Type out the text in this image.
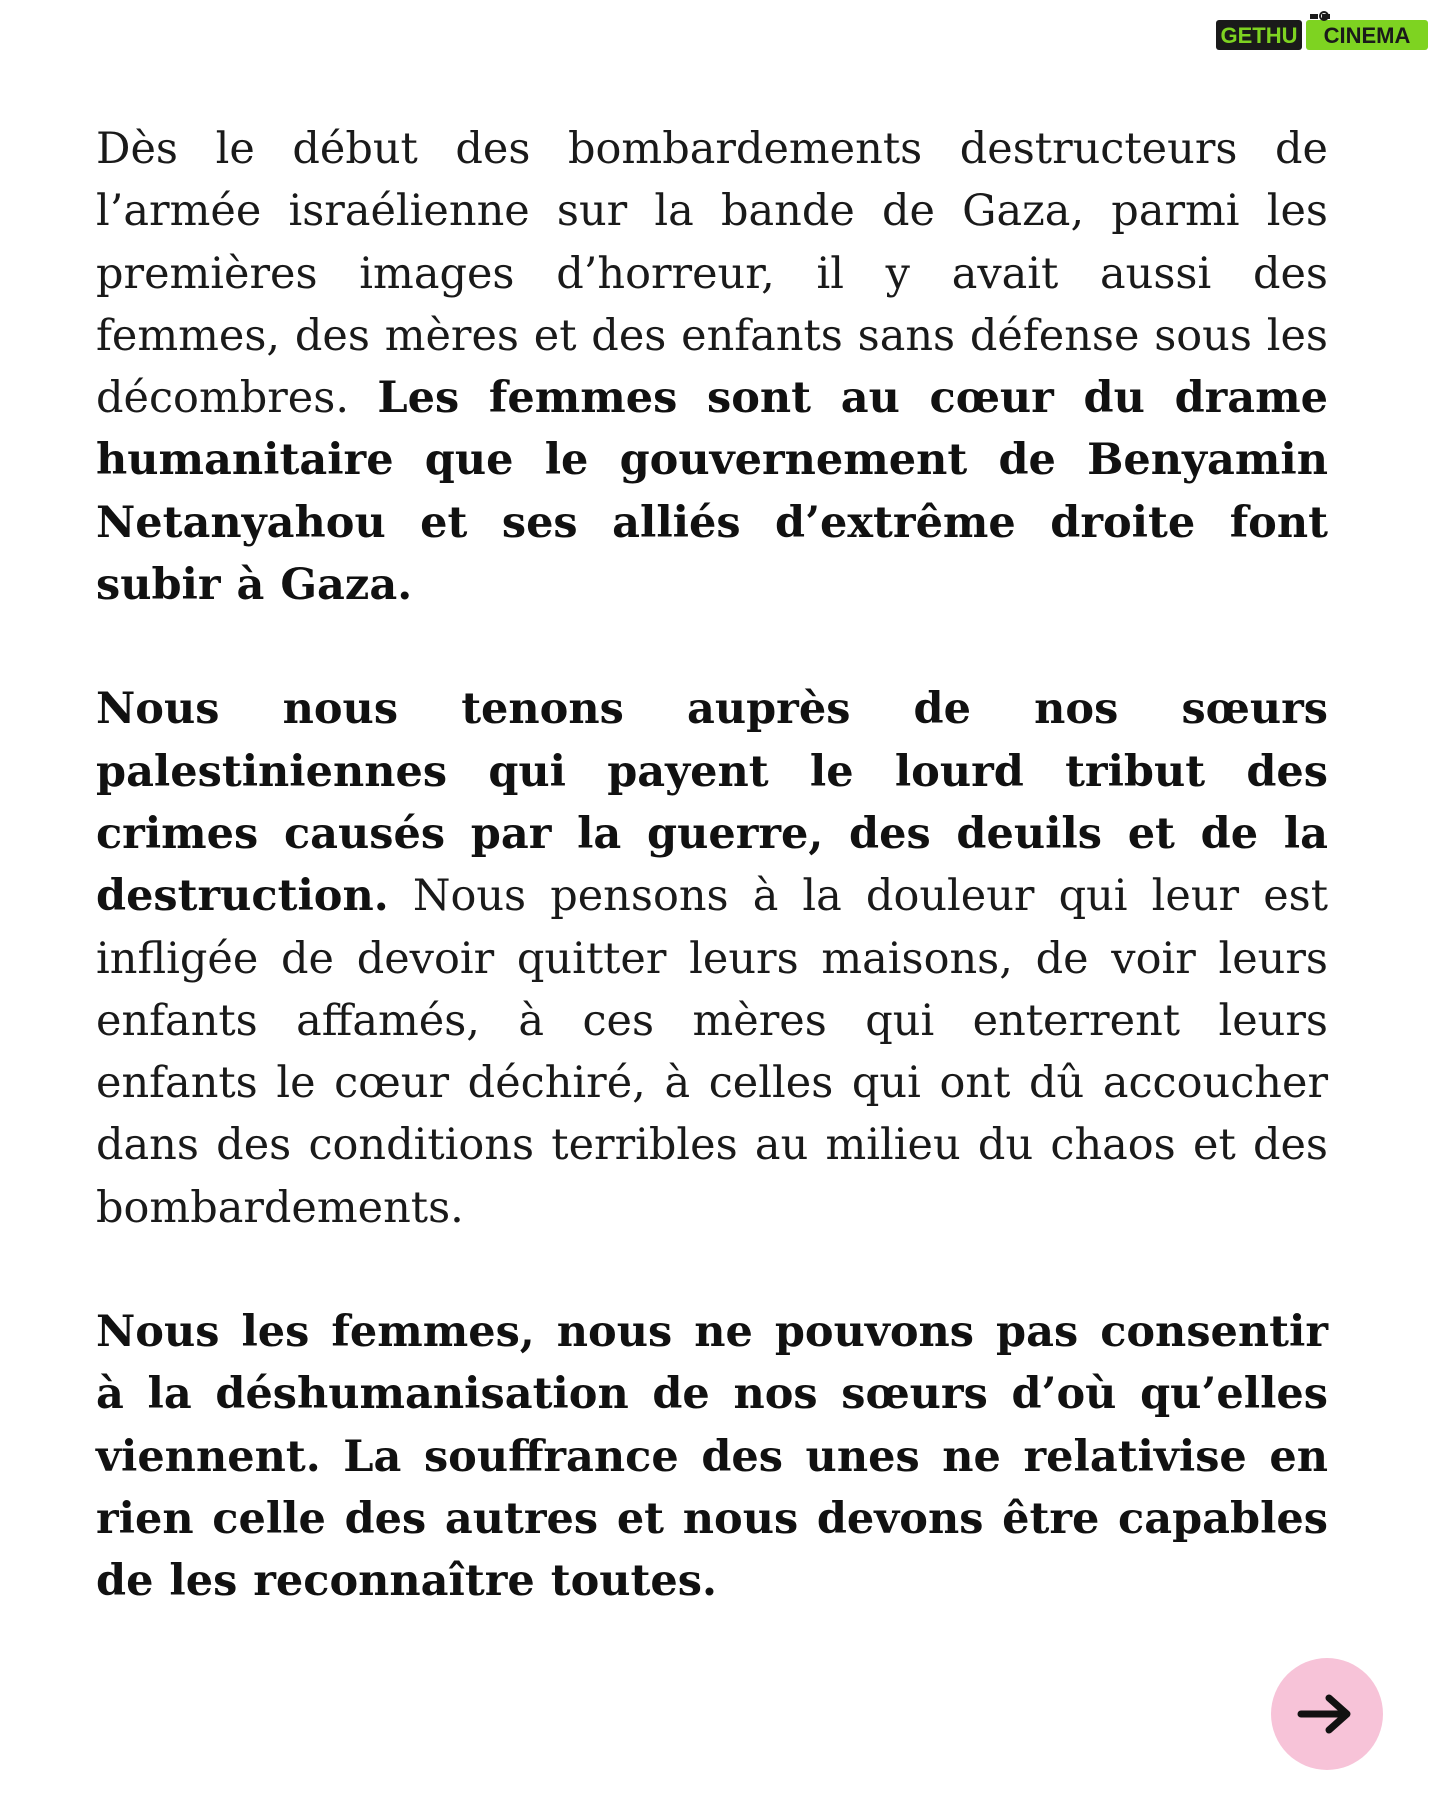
GETHU CINEMA

Dès le début des bombardements destructeurs de l’armée israélienne sur la bande de Gaza, parmi les premières images d’horreur, il y avait aussi des femmes, des mères et des enfants sans défense sous les décombres. Les femmes sont au cœur du drame humanitaire que le gouvernement de Benyamin Netanyahou et ses alliés d’extrême droite font subir à Gaza.

Nous nous tenons auprès de nos sœurs palestiniennes qui payent le lourd tribut des crimes causés par la guerre, des deuils et de la destruction. Nous pensons à la douleur qui leur est infligée de devoir quitter leurs maisons, de voir leurs enfants affamés, à ces mères qui enterrent leurs enfants le cœur déchiré, à celles qui ont dû accoucher dans des conditions terribles au milieu du chaos et des bombardements.

Nous les femmes, nous ne pouvons pas consentir à la déshumanisation de nos sœurs d’où qu’elles viennent. La souffrance des unes ne relativise en rien celle des autres et nous devons être capables de les reconnaître toutes.
